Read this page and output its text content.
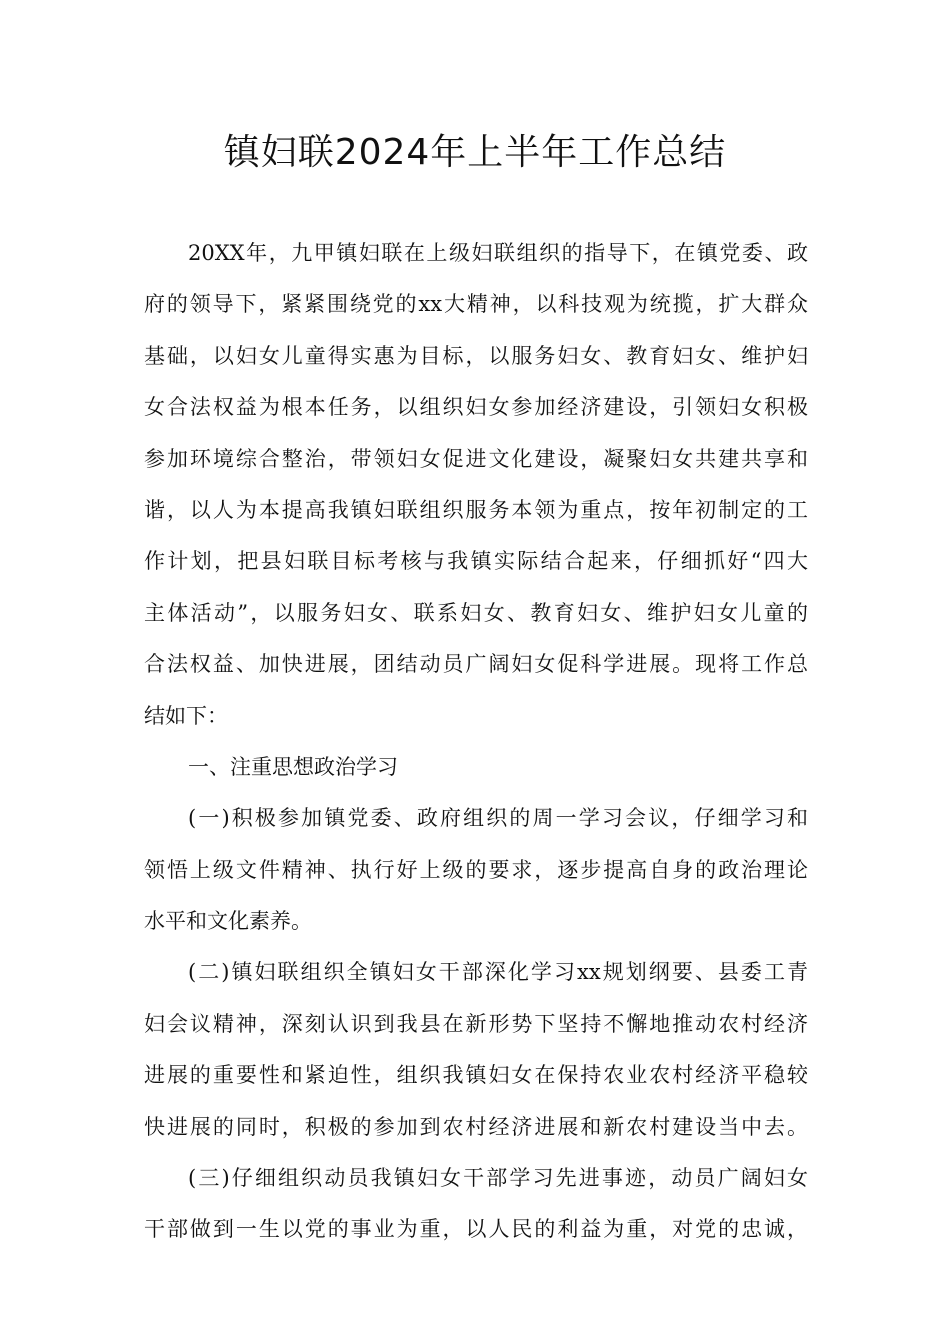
镇妇联2024年上半年工作总结
20XX年，九甲镇妇联在上级妇联组织的指导下，在镇党委、政
府的领导下，紧紧围绕党的xx大精神，以科技观为统揽，扩大群众
基础，以妇女儿童得实惠为目标，以服务妇女、教育妇女、维护妇
女合法权益为根本任务，以组织妇女参加经济建设，引领妇女积极
参加环境综合整治，带领妇女促进文化建设，凝聚妇女共建共享和
谐，以人为本提高我镇妇联组织服务本领为重点，按年初制定的工
作计划，把县妇联目标考核与我镇实际结合起来，仔细抓好“四大
主体活动”，以服务妇女、联系妇女、教育妇女、维护妇女儿童的
合法权益、加快进展，团结动员广阔妇女促科学进展。现将工作总
结如下：
一、注重思想政治学习
(一)积极参加镇党委、政府组织的周一学习会议，仔细学习和
领悟上级文件精神、执行好上级的要求，逐步提高自身的政治理论
水平和文化素养。
(二)镇妇联组织全镇妇女干部深化学习xx规划纲要、县委工青
妇会议精神，深刻认识到我县在新形势下坚持不懈地推动农村经济
进展的重要性和紧迫性，组织我镇妇女在保持农业农村经济平稳较
快进展的同时，积极的参加到农村经济进展和新农村建设当中去。
(三)仔细组织动员我镇妇女干部学习先进事迹，动员广阔妇女
干部做到一生以党的事业为重，以人民的利益为重，对党的忠诚，
